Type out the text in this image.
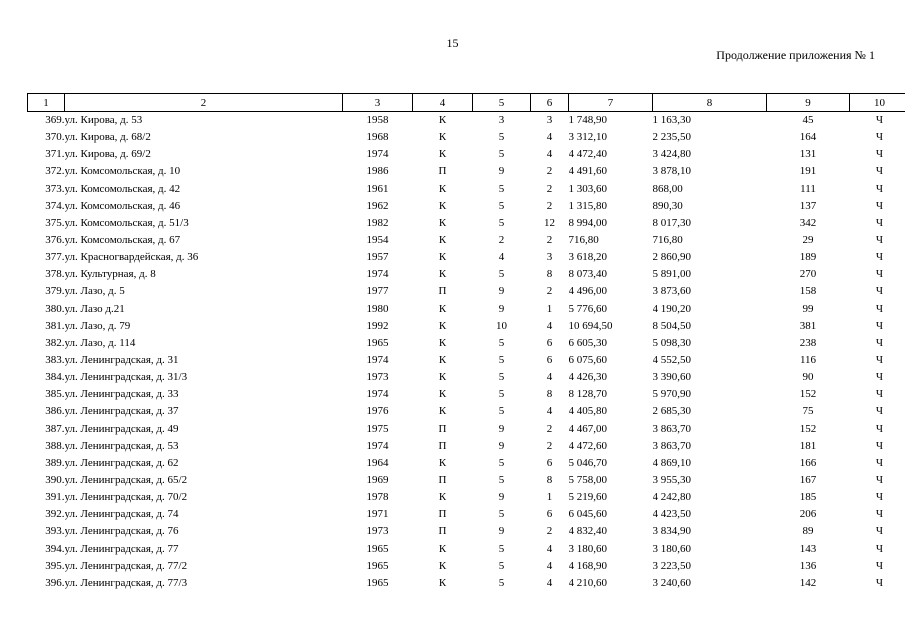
15
Продолжение приложения № 1
1	2	3	4	5	6	7	8	9	10
369.	ул. Кирова, д. 53	1958	К	3	3	1 748,90	1 163,30	45	Ч
370.	ул. Кирова, д. 68/2	1968	К	5	4	3 312,10	2 235,50	164	Ч
371.	ул. Кирова, д. 69/2	1974	К	5	4	4 472,40	3 424,80	131	Ч
372.	ул. Комсомольская, д. 10	1986	П	9	2	4 491,60	3 878,10	191	Ч
373.	ул. Комсомольская, д. 42	1961	К	5	2	1 303,60	868,00	111	Ч
374.	ул. Комсомольская, д. 46	1962	К	5	2	1 315,80	890,30	137	Ч
375.	ул. Комсомольская, д. 51/3	1982	К	5	12	8 994,00	8 017,30	342	Ч
376.	ул. Комсомольская, д. 67	1954	К	2	2	716,80	716,80	29	Ч
377.	ул. Красногвардейская, д. 36	1957	К	4	3	3 618,20	2 860,90	189	Ч
378.	ул. Культурная, д. 8	1974	К	5	8	8 073,40	5 891,00	270	Ч
379.	ул. Лазо, д. 5	1977	П	9	2	4 496,00	3 873,60	158	Ч
380.	ул. Лазо д.21	1980	К	9	1	5 776,60	4 190,20	99	Ч
381.	ул. Лазо, д. 79	1992	К	10	4	10 694,50	8 504,50	381	Ч
382.	ул. Лазо, д. 114	1965	К	5	6	6 605,30	5 098,30	238	Ч
383.	ул. Ленинградская, д. 31	1974	К	5	6	6 075,60	4 552,50	116	Ч
384.	ул. Ленинградская, д. 31/3	1973	К	5	4	4 426,30	3 390,60	90	Ч
385.	ул. Ленинградская, д. 33	1974	К	5	8	8 128,70	5 970,90	152	Ч
386.	ул. Ленинградская, д. 37	1976	К	5	4	4 405,80	2 685,30	75	Ч
387.	ул. Ленинградская, д. 49	1975	П	9	2	4 467,00	3 863,70	152	Ч
388.	ул. Ленинградская, д. 53	1974	П	9	2	4 472,60	3 863,70	181	Ч
389.	ул. Ленинградская, д. 62	1964	К	5	6	5 046,70	4 869,10	166	Ч
390.	ул. Ленинградская, д. 65/2	1969	П	5	8	5 758,00	3 955,30	167	Ч
391.	ул. Ленинградская, д. 70/2	1978	К	9	1	5 219,60	4 242,80	185	Ч
392.	ул. Ленинградская, д. 74	1971	П	5	6	6 045,60	4 423,50	206	Ч
393.	ул. Ленинградская, д. 76	1973	П	9	2	4 832,40	3 834,90	89	Ч
394.	ул. Ленинградская, д. 77	1965	К	5	4	3 180,60	3 180,60	143	Ч
395.	ул. Ленинградская, д. 77/2	1965	К	5	4	4 168,90	3 223,50	136	Ч
396.	ул. Ленинградская, д. 77/3	1965	К	5	4	4 210,60	3 240,60	142	Ч
